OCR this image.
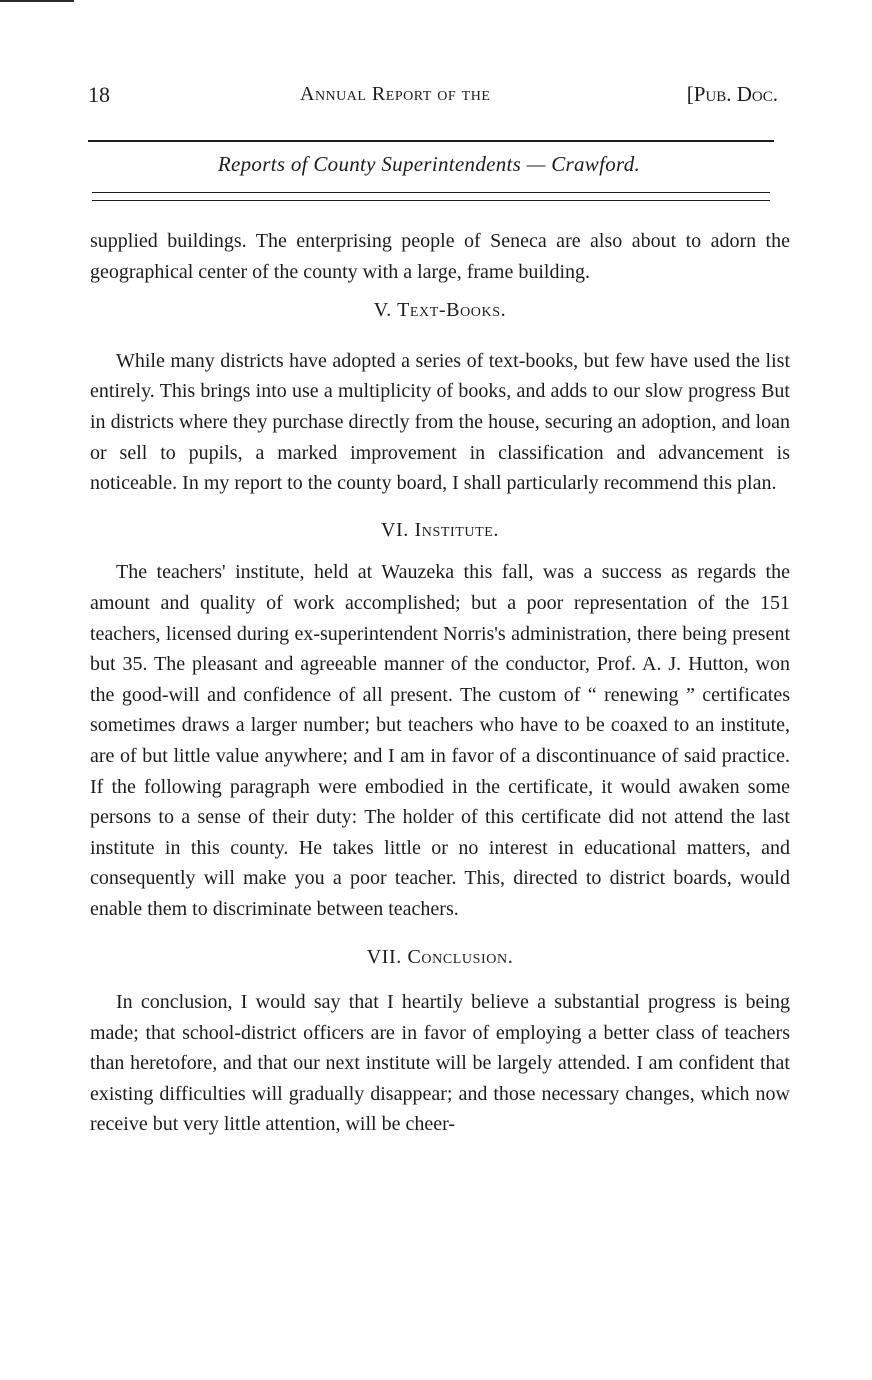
18	Annual Report of the	[Pub. Doc.
Reports of County Superintendents — Crawford.

supplied buildings. The enterprising people of Seneca are also about to adorn the geographical center of the county with a large, frame building.

V. Text-Books.

While many districts have adopted a series of text-books, but few have used the list entirely. This brings into use a multiplicity of books, and adds to our slow progress But in districts where they purchase directly from the house, securing an adoption, and loan or sell to pupils, a marked improvement in classification and advancement is noticeable. In my report to the county board, I shall particularly recommend this plan.

VI. Institute.

The teachers' institute, held at Wauzeka this fall, was a success as regards the amount and quality of work accomplished; but a poor representation of the 151 teachers, licensed during ex-superintendent Norris's administration, there being present but 35. The pleasant and agreeable manner of the conductor, Prof. A. J. Hutton, won the good-will and confidence of all present. The custom of “ renewing ” certificates sometimes draws a larger number; but teachers who have to be coaxed to an institute, are of but little value anywhere; and I am in favor of a discontinuance of said practice. If the following paragraph were embodied in the certificate, it would awaken some persons to a sense of their duty: The holder of this certificate did not attend the last institute in this county. He takes little or no interest in educational matters, and consequently will make you a poor teacher. This, directed to district boards, would enable them to discriminate between teachers.

VII. Conclusion.

In conclusion, I would say that I heartily believe a substantial progress is being made; that school-district officers are in favor of employing a better class of teachers than heretofore, and that our next institute will be largely attended. I am confident that existing difficulties will gradually disappear; and those necessary changes, which now receive but very little attention, will be cheer-
